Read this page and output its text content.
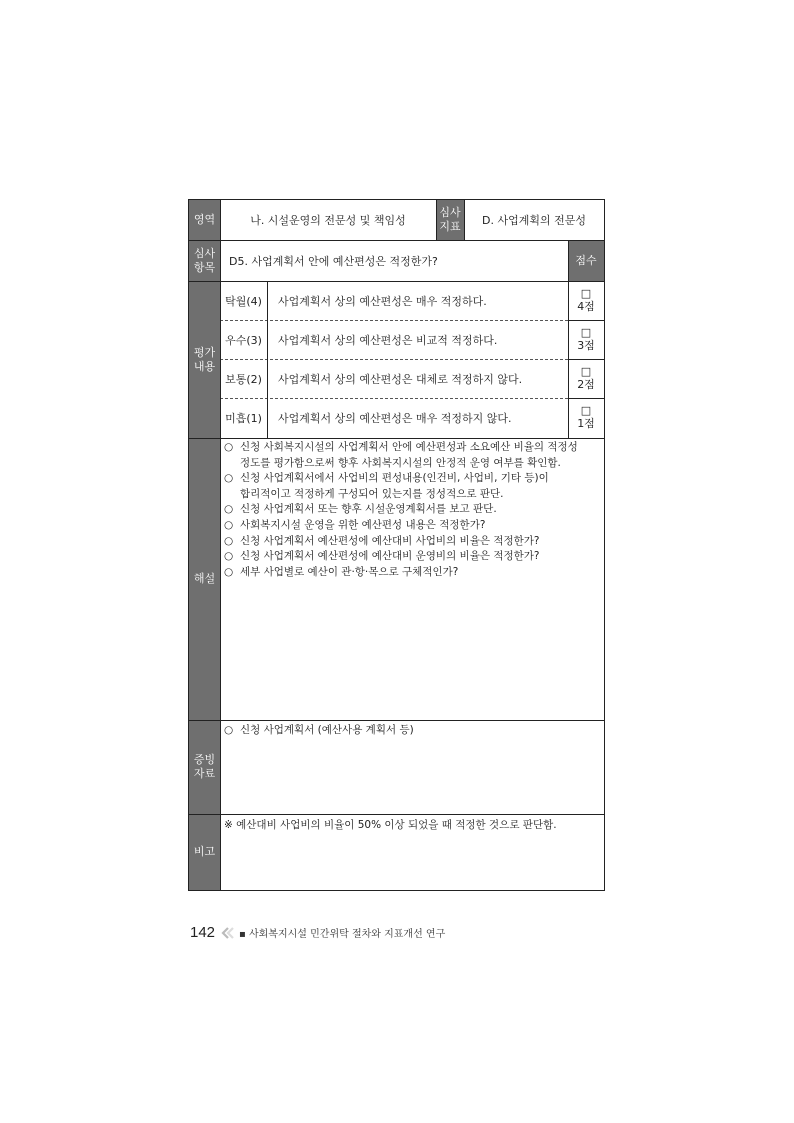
영역	나. 시설운영의 전문성 및 책임성
심사
지표 D. 사업계획의 전문성
심사
항목 D5. 사업계획서 안에 예산편성은 적정한가?	점수
평가
내용
탁월(4) 사업계획서 상의 예산편성은 매우 적정하다.
□
4점
우수(3) 사업계획서 상의 예산편성은 비교적 적정하다.
□
3점
보통(2) 사업계획서 상의 예산편성은 대체로 적정하지 않다.
□
2점
미흡(1) 사업계획서 상의 예산편성은 매우 적정하지 않다.
□
1점
해설
○ 신청 사회복지시설의 사업계획서 안에 예산편성과 소요예산 비율의 적정성
정도를 평가함으로써 향후 사회복지시설의 안정적 운영 여부를 확인함.
○ 신청 사업계획서에서 사업비의 편성내용(인건비, 사업비, 기타 등)이
합리적이고 적정하게 구성되어 있는지를 정성적으로 판단.
○ 신청 사업계획서 또는 향후 시설운영계획서를 보고 판단.
○ 사회복지시설 운영을 위한 예산편성 내용은 적정한가?
○ 신청 사업계획서 예산편성에 예산대비 사업비의 비율은 적정한가?
○ 신청 사업계획서 예산편성에 예산대비 운영비의 비율은 적정한가?
○ 세부 사업별로 예산이 관·항·목으로 구체적인가?
증빙
자료
○ 신청 사업계획서 (예산사용 계획서 등)
비고
※ 예산대비 사업비의 비율이 50% 이상 되었을 때 적정한 것으로 판단함.
142 ▪ 사회복지시설 민간위탁 절차와 지표개선 연구
